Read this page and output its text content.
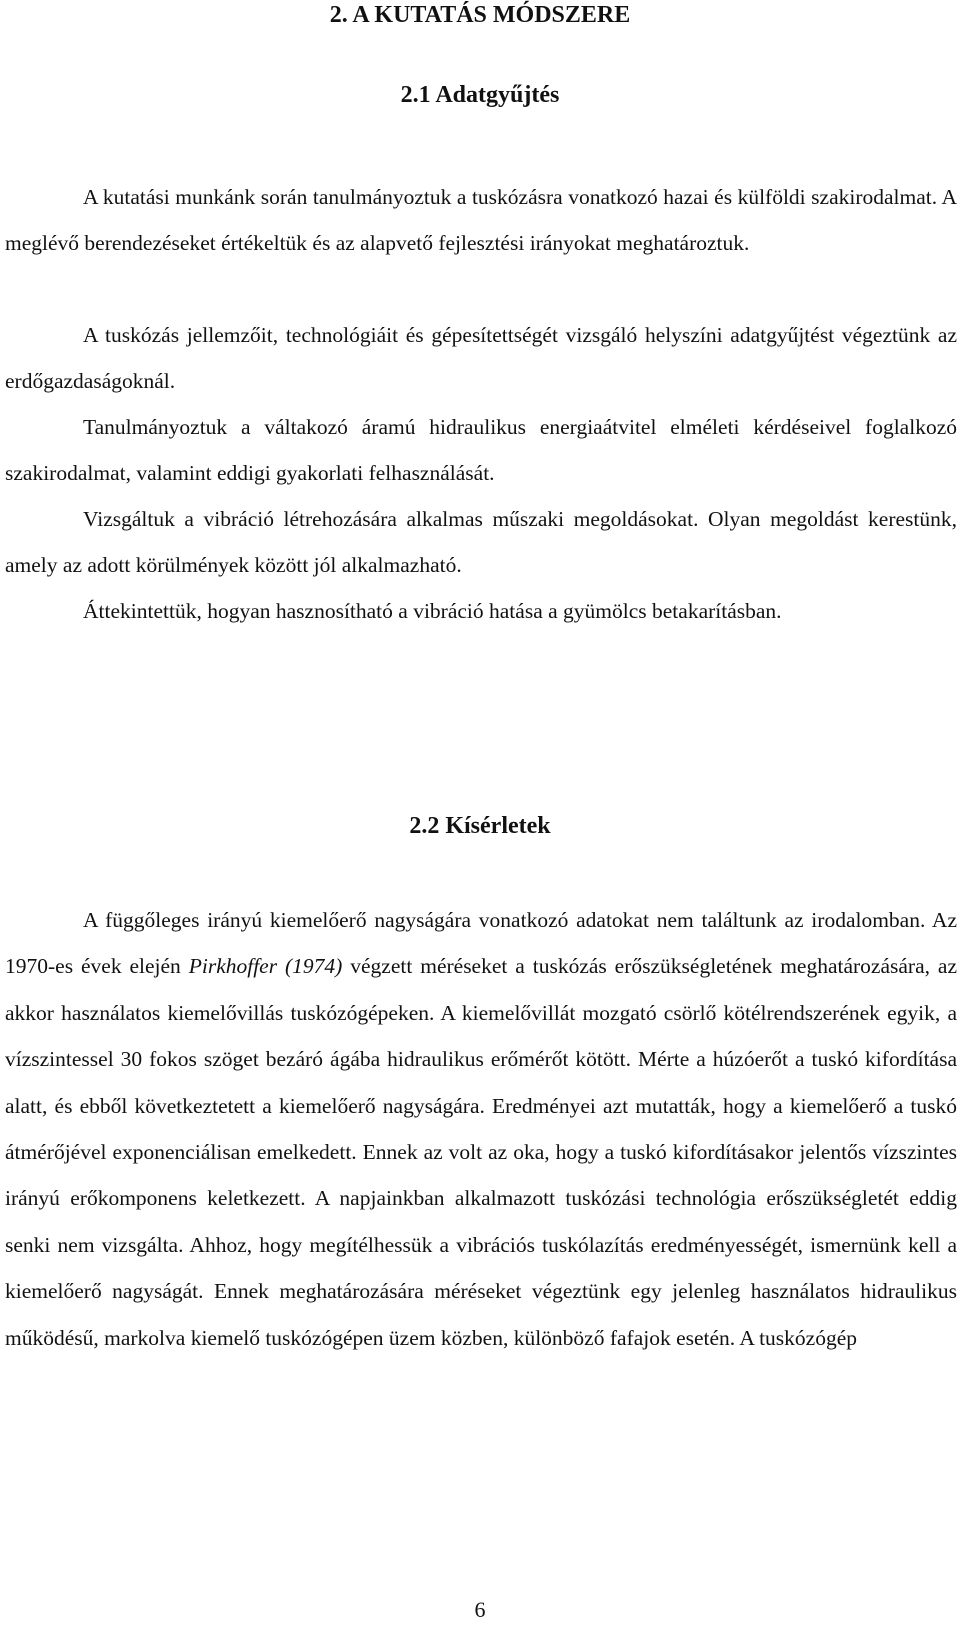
2. A KUTATÁS MÓDSZERE
2.1 Adatgyűjtés

A kutatási munkánk során tanulmányoztuk a tuskózásra vonatkozó hazai és külföldi szakirodalmat. A meglévő berendezéseket értékeltük és az alapvető fejlesztési irányokat meghatároztuk.

A tuskózás jellemzőit, technológiáit és gépesítettségét vizsgáló helyszíni adatgyűjtést végeztünk az erdőgazdaságoknál.

Tanulmányoztuk a váltakozó áramú hidraulikus energiaátvitel elméleti kérdéseivel foglalkozó szakirodalmat, valamint eddigi gyakorlati felhasználását.

Vizsgáltuk a vibráció létrehozására alkalmas műszaki megoldásokat. Olyan megoldást kerestünk, amely az adott körülmények között jól alkalmazható.

Áttekintettük, hogyan hasznosítható a vibráció hatása a gyümölcs betakarításban.

2.2 Kísérletek

A függőleges irányú kiemelőerő nagyságára vonatkozó adatokat nem találtunk az irodalomban. Az 1970-es évek elején Pirkhoffer (1974) végzett méréseket a tuskózás erőszükségletének meghatározására, az akkor használatos kiemelővillás tuskózógépeken. A kiemelővillát mozgató csörlő kötélrendszerének egyik, a vízszintessel 30 fokos szöget bezáró ágába hidraulikus erőmérőt kötött. Mérte a húzóerőt a tuskó kifordítása alatt, és ebből következtetett a kiemelőerő nagyságára. Eredményei azt mutatták, hogy a kiemelőerő a tuskó átmérőjével exponenciálisan emelkedett. Ennek az volt az oka, hogy a tuskó kifordításakor jelentős vízszintes irányú erőkomponens keletkezett. A napjainkban alkalmazott tuskózási technológia erőszükségletét eddig senki nem vizsgálta. Ahhoz, hogy megítélhessük a vibrációs tuskólazítás eredményességét, ismernünk kell a kiemelőerő nagyságát. Ennek meghatározására méréseket végeztünk egy jelenleg használatos hidraulikus működésű, markolva kiemelő tuskózógépen üzem közben, különböző fafajok esetén. A tuskózógép

6
